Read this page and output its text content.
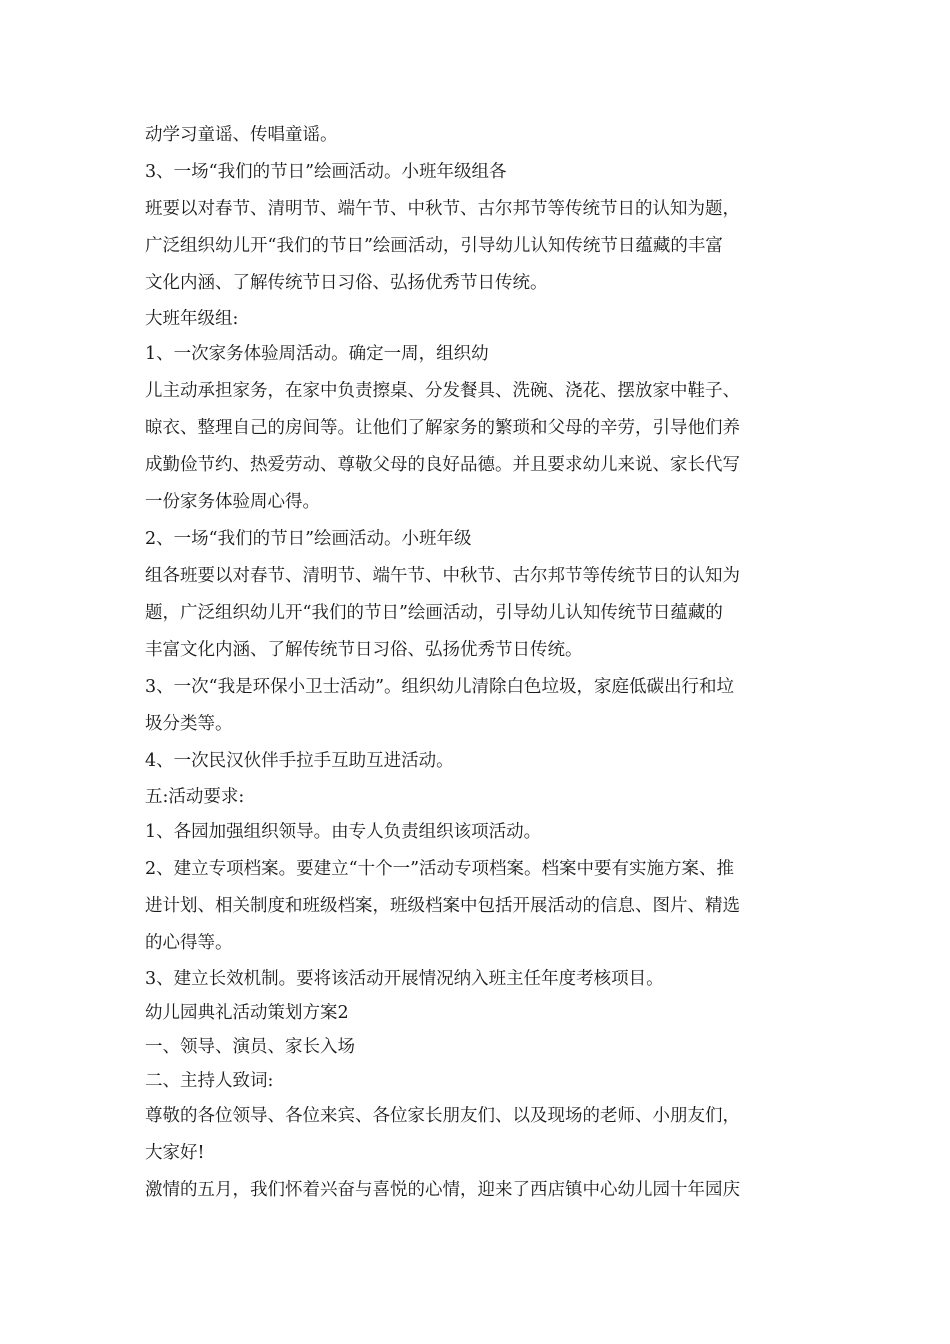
动学习童谣、传唱童谣。
3、一场“我们的节日”绘画活动。小班年级组各
班要以对春节、清明节、端午节、中秋节、古尔邦节等传统节日的认知为题，
广泛组织幼儿开“我们的节日”绘画活动，引导幼儿认知传统节日蕴藏的丰富
文化内涵、了解传统节日习俗、弘扬优秀节日传统。
大班年级组:
1、一次家务体验周活动。确定一周，组织幼
儿主动承担家务，在家中负责擦桌、分发餐具、洗碗、浇花、摆放家中鞋子、
晾衣、整理自己的房间等。让他们了解家务的繁琐和父母的辛劳，引导他们养
成勤俭节约、热爱劳动、尊敬父母的良好品德。并且要求幼儿来说、家长代写
一份家务体验周心得。
2、一场“我们的节日”绘画活动。小班年级
组各班要以对春节、清明节、端午节、中秋节、古尔邦节等传统节日的认知为
题，广泛组织幼儿开“我们的节日”绘画活动，引导幼儿认知传统节日蕴藏的
丰富文化内涵、了解传统节日习俗、弘扬优秀节日传统。
3、一次“我是环保小卫士活动”。组织幼儿清除白色垃圾，家庭低碳出行和垃
圾分类等。
4、一次民汉伙伴手拉手互助互进活动。
五:活动要求:
1、各园加强组织领导。由专人负责组织该项活动。
2、建立专项档案。要建立“十个一”活动专项档案。档案中要有实施方案、推
进计划、相关制度和班级档案，班级档案中包括开展活动的信息、图片、精选
的心得等。
3、建立长效机制。要将该活动开展情况纳入班主任年度考核项目。
幼儿园典礼活动策划方案2
一、领导、演员、家长入场
二、主持人致词:
尊敬的各位领导、各位来宾、各位家长朋友们、以及现场的老师、小朋友们，
大家好!
激情的五月，我们怀着兴奋与喜悦的心情，迎来了西店镇中心幼儿园十年园庆
